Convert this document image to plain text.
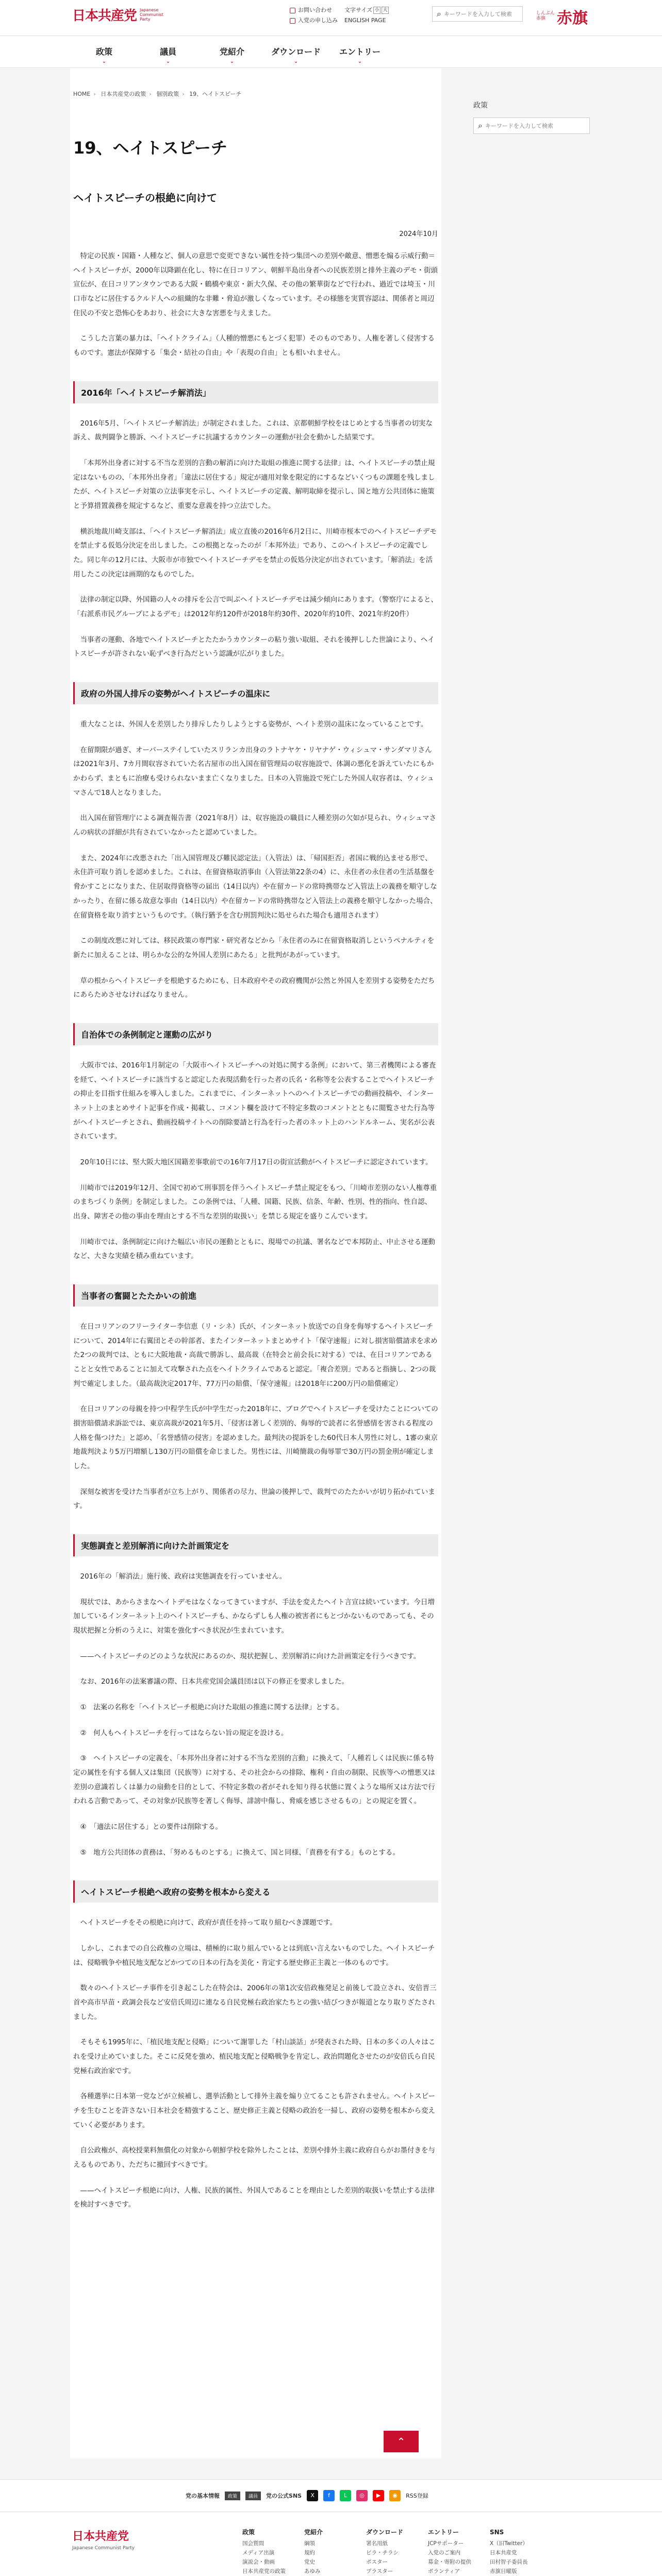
日本共産党 Japanese
Communist
Party
お問い合わせ
入党の申し込み
文字サイズ 小 大
ENGLISH PAGE
⌕
キーワードを入力して検索	しんぶん
赤旗 赤旗
政策
⌄
議員
⌄
党紹介
⌄
ダウンロード
⌄
エントリー
⌄
HOME › 日本共産党の政策 › 個別政策 › 19、ヘイトスピーチ
19、ヘイトスピーチ
ヘイトスピーチの根絶に向けて
2024年10月

特定の民族・国籍・人種など、個人の意思で変更できない属性を持つ集団への差別や敵意、憎悪を煽る示威行動＝ヘイトスピーチが、2000年以降顕在化し、特に在日コリアン、朝鮮半島出身者への民族差別と排外主義のデモ・街頭宣伝が、在日コリアンタウンである大阪・鶴橋や東京・新大久保、その他の繁華街などで行われ、過近では埼玉・川口市などに居住するクルド人への組織的な非難・脅迫が激しくなっています。その様態を実質容認は、関係者と周辺住民の不安と恐怖心をあおり、社会に大きな害悪を与えました。

こうした言葉の暴力は、「ヘイトクライム」（人種的憎悪にもとづく犯罪）そのものであり、人権を著しく侵害するものです。憲法が保障する「集会・結社の自由」や「表現の自由」とも相いれません。

2016年「ヘイトスピーチ解消法」

2016年5月、「ヘイトスピーチ解消法」が制定されました。これは、京都朝鮮学校をはじめとする当事者の切実な訴え、裁判闘争と勝訴、ヘイトスピーチに抗議するカウンターの運動が社会を動かした結果です。

「本邦外出身者に対する不当な差別的言動の解消に向けた取組の推進に関する法律」は、ヘイトスピーチの禁止規定はないものの、「本邦外出身者」「違法に居住する」規定が適用対象を限定的にするなどいくつもの課題を残しましたが、ヘイトスピーチ対策の立法事実を示し、ヘイトスピーチの定義、解明取締を提示し、国と地方公共団体に施策と予算措置義務を規定するなど、重要な意義を持つ立法でした。

横浜地裁川崎支部は、「ヘイトスピーチ解消法」成立直後の2016年6月2日に、川崎市桜本でのヘイトスピーチデモを禁止する仮処分決定を出しました。この根拠となったのが「本邦外法」であり、このヘイトスピーチの定義でした。同じ年の12月には、大阪市が市独でヘイトスピーチデモを禁止の仮処分決定が出されています。「解消法」を活用したこの決定は画期的なものでした。

法律の制定以降、外国籍の人々の排斥を公言で叫ぶヘイトスピーチデモは減少傾向にあります。（警察庁によると、「右派系市民グループによるデモ」は2012年約120件が2018年約30件、2020年約10件、2021年約20件）

当事者の運動、各地でヘイトスピーチとたたかうカウンターの粘り強い取組、それを後押しした世論により、ヘイトスピーチが許されない恥ずべき行為だという認識が広がりました。

政府の外国人排斥の姿勢がヘイトスピーチの温床に

重大なことは、外国人を差別したり排斥したりしようとする姿勢が、ヘイト差別の温床になっていることです。

在留期限が過ぎ、オーバーステイしていたスリランカ出身のラトナヤケ・リヤナゲ・ウィシュマ・サンダマリさんは2021年3月、7カ月間収容されていた名古屋市の出入国在留管理局の収容施設で、体調の悪化を訴えていたにもかかわらず、まともに治療も受けられないまま亡くなりました。日本の入管施設で死亡した外国人収容者は、ウィシュマさんで18人となりました。

出入国在留管理庁による調査報告書（2021年8月）は、収容施設の職員に人種差別の欠如が見られ、ウィシュマさんの病状の詳細が共有されていなかったと認めていました。

また、2024年に改悪された「出入国管理及び難民認定法」（入管法）は、「帰国拒否」者国に戦的込ませる形で、永住許可取り消しを認めました。これは、在留資格取消事由（入管法第22条の4）に、永住者の永住者の生活基盤を脅かすことになりまた、住居取得資格等の届出（14日以内）や在留カードの常時携帯など入管法上の義務を順守しなかったり、在留に係る故意な事由（14日以内）や在留カードの常時携帯など入管法上の義務を順守しなかった場合、在留資格を取り消すというものです。（執行猶予を含む刑罰判決に処せられた場合も適用されます）

この制度改悪に対しては、移民政策の専門家・研究者などから「永住者のみに在留資格取消しというペナルティを新たに加えることは、明らかな公的な外国人差別にあたる」と批判があがっています。

草の根からヘイトスピーチを根絶するためにも、日本政府やその政府機関が公然と外国人を差別する姿勢をただちにあらためさせなければなりません。

自治体での条例制定と運動の広がり

大阪市では、2016年1月制定の「大阪市ヘイトスピーチへの対処に関する条例」において、第三者機関による審査を経て、ヘイトスピーチに該当すると認定した表現活動を行った者の氏名・名称等を公表することでヘイトスピーチの抑止を目指す仕組みを導入しました。これまでに、インターネットへのヘイトスピーチでの動画投稿や、インターネット上のまとめサイト記事を作成・掲載し、コメント欄を設けて不特定多数のコメントとともに閲覧させた行為等がヘイトスピーチとされ、動画投稿サイトへの削除要請と行為を行った者のネット上のハンドルネーム、実名が公表されています。

20年10日には、堅大阪大地区国籍差事歌前での16年7月17日の街宣活動がヘイトスピーチに認定されています。

川崎市では2019年12月、全国で初めて刑事罰を伴うヘイトスピーチ禁止規定をもつ、「川崎市差別のない人権尊重のまちづくり条例」を制定しました。この条例では、「人種、国籍、民族、信条、年齢、性別、性的指向、性自認、出身、障害その他の事由を理由とする不当な差別的取扱い」を禁じる規定を盛りこんでいます。

川崎市では、条例制定に向けた幅広い市民の運動とともに、現場での抗議、署名などで本邦防止、中止させる運動など、大きな実績を積み重ねています。

当事者の奮闘とたたかいの前進

在日コリアンのフリーライター李信恵（リ・シネ）氏が、インターネット放送での自身を侮辱するヘイトスピーチについて、2014年に右翼団とその幹部者、またインターネットまとめサイト「保守速報」に対し損害賠償請求を求めた2つの裁判では、ともに大阪地裁・高裁で勝訴し、最高裁（在特会と前会長に対する）では、在日コリアンであることと女性であることに加えて攻撃された点をヘイトクライムであると認定。「複合差別」であると指摘し、2つの裁判で確定しました。（最高裁決定2017年、77万円の賠償、「保守速報」は2018年に200万円の賠償確定）

在日コリアンの母親を持つ中程学生氏が中学生だった2018年に、ブログでヘイトスピーチを受けたことについての損害賠償請求訴訟では、東京高裁が2021年5月、「侵害は著しく差別的、侮辱的で読者に名誉感情を害される程度の人格を傷つけた」と認め、「名誉感情の侵害」を認めました。最判決の提訴をした60代日本人男性に対し、1審の東京地裁判決より5万円増額し130万円の賠償を命じました。男性には、川崎簡裁の侮辱罪で30万円の罰金刑が確定しました。

深刻な被害を受けた当事者が立ち上がり、関係者の尽力、世論の後押しで、裁判でのたたかいが切り拓かれています。

実態調査と差別解消に向けた計画策定を

2016年の「解消法」施行後、政府は実態調査を行っていません。

現状では、あからさまなヘイトデモはなくなってきていますが、手法を変えたヘイト言宣は続いています。今日増加しているインターネット上のヘイトスピーチも、かならずしも人権の被害者にもとづかないものであっても、その現状把握と分析のうえに、対策を強化すべき状況が生まれています。

——ヘイトスピーチのどのような状況にあるのか、現状把握し、差別解消に向けた計画策定を行うべきです。

なお、2016年の法案審議の際、日本共産党国会議員団は以下の修正を要求しました。

①　法案の名称を「ヘイトスピーチ根絶に向けた取組の推進に関する法律」とする。

②　何人もヘイトスピーチを行ってはならない旨の規定を設ける。

③　ヘイトスピーチの定義を、「本邦外出身者に対する不当な差別的言動」に換えて、「人種若しくは民族に係る特定の属性を有する個人又は集団（民族等）に対する、その社会からの排除、権利・自由の制限、民族等への憎悪又は差別の意識若しくは暴力の扇動を目的として、不特定多数の者がそれを知り得る状態に置くような場所又は方法で行われる言動であって、その対象が民族等を著しく侮辱、誹謗中傷し、脅威を感じさせるもの」との規定を置く。

④　「適法に居住する」との要件は削除する。

⑤　地方公共団体の責務は、「努めるものとする」に換えて、国と同様、「責務を有する」ものとする。

ヘイトスピーチ根絶へ政府の姿勢を根本から変える

ヘイトスピーチをその根絶に向けて、政府が責任を持って取り組むべき課題です。

しかし、これまでの自公政権の立場は、積極的に取り組んでいるとは到底い言えないものでした。ヘイトスピーチは、侵略戦争や植民地支配などかつての日本の行為を美化・肯定する歴史修正主義と一体のものです。

数々のヘイトスピーチ事件を引き起こした在特会は、2006年の第1次安倍政権発足と前後して設立され、安倍晋三首や高市早苗・政調会長など安倍氏周辺に連なる自民党極右政治家たちとの強い結びつきが報道となり取りざたされました。

そもそも1995年に、「植民地支配と侵略」について謝罪した「村山談話」が発表された時、日本の多くの人々はこれを受け止めていました。そこに反発を強め、植民地支配と侵略戦争を肯定し、政治問題化させたのが安倍氏ら自民党極右政治家です。

各種選挙に日本第一党などが立候補し、選挙活動として排外主義を煽り立てることも許されません。ヘイトスピーチを生むことを許さない日本社会を精強すること、歴史修正主義と侵略の政治を一掃し、政府の姿勢を根本から変えていく必要があります。

自公政権が、高校授業料無償化の対象から朝鮮学校を除外したことは、差別や排外主義に政府自らがお墨付きを与えるものであり、ただちに撤回すべきです。

——ヘイトスピーチ根絶に向け、人権、民族的属性、外国人であることを理由とした差別的取扱いを禁止する法律を検討すべきです。

⌃
政策
⌕
キーワードを入力して検索
党の基本情報	政策	議員	党の公式SNS	X	f	L	◎	▶	◉	RSS登録
日本共産党
Japanese Communist Party
政策
国会質問
メディア出演
演説会・動画
日本共産党の政策
党紹介
綱領
規約
党史
あゆみ
ダウンロード
署名用紙
ビラ・チラシ
ポスター
プラスター
エントリー
JCPサポーター
入党のご案内
募金・寄附の提供
ボランティア
SNS
X（旧Twitter）
日本共産党
田村智子委員長
赤旗日曜版
